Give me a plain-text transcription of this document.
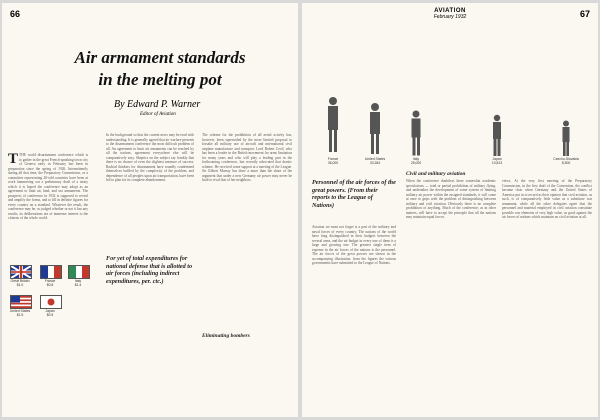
66
Air armament standards
in the melting pot
By Edward P. Warner
Editor of Aviation
T THE world disarmament conference which is to gather in the great French-speaking town city of Geneva early in February has been in preparation since the spring of 1926. Intermittently during all that time, the Preparatory Commission, or a committee representing 20-odd countries have been at work hammering out a preliminary draft of a treaty which it is hoped the conference may adopt as an agreement to limit air, land, and sea armaments. The prospects of conference in 1932 is supposed to reveal and amplify the forms, and to fill in definite figures for every country on a standard. Whatever the result, the conference may be, so judged whether or not it has any results, its deliberations are of immense interest to the citizens of the whole world.
In the background so that the current news may be read with understanding. It is generally agreed that air warfare presents to the disarmament conference the most difficult problem of all. An agreement to limit air armaments can be reached by all the nations, agreement everywhere else will be comparatively easy. Skeptics on the subject say frankly that there is no chance of even the slightest measure of success. Radical thinkers for disarmament have roundly condemned themselves baffled by the complexity of the problem, and dependence of all peoples upon air transportation, have been led to plan for its complete abandonment.
The scheme for the prohibition of all aerial activity has, however, been superseded by the more limited proposal to forsake all military use of aircraft and international civil airplane manufacture and transport. Lord Robert Cecil, who has been a leader in the British movement for arms limitation for many years and who will play a leading part in the forthcoming conference, has recently advocated that drastic scheme. He received some support at a meeting of the League. Sir Gilbert Murray has done a more than the share of the argument that under a new Germany air power may never be built to rival that of her neighbors.
Great Britain
$1.0
France
$0.8
Italy
$1.4
United States
$1.5
Japan
$0.5
For yet of total expenditures for national defense that is allotted to air forces (including indirect expenditures, per. ctc.)
Eliminating bombers
AVIATION
February 1932	67
France
36,000
United States
33,284
Italy
25,000
Japan
10,813
Czecho-Slovakia
8,500
Personnel of the air forces of the great powers. (From their reports to the League of Nations)
Aviation we must not forget is a part of the military and naval forces of every country. The nations of the world have long distinguished in their budgets between the several arms, and the air budget in every one of them is a large and growing one. The greatest single item of expense in the air forces of the nations is the personnel. The air forces of the great powers are shown in the accompanying illustration, from the figures the various governments have submitted to the League of Nations.
When the conference doubtless there somewhat academic speculations — total or partial prohibition of military flying, and undertakes the development of some system of limiting military air power within the assigned standards, it will come at once to grips with the problem of distinguishing between military and civil aviation. Obviously there is no complete prohibition of anything. Much of the conference, as in other matters, will have to accept the principle that all the nations may maintain equal forces.
Civil and military aviation
views. At the very first meeting of the Preparatory Commission, in the first draft of the Convention, the conflict became clear when Germany and the United States of America put in to record as their opinion that civil aviation, as such, is of comparatively little value as a substitute war armament, while all the other delegates agree that the personnel and material employed in civil aviation constitute possible war elements of very high value, as good against the air forces of nations which maintain no civil aviation at all.
